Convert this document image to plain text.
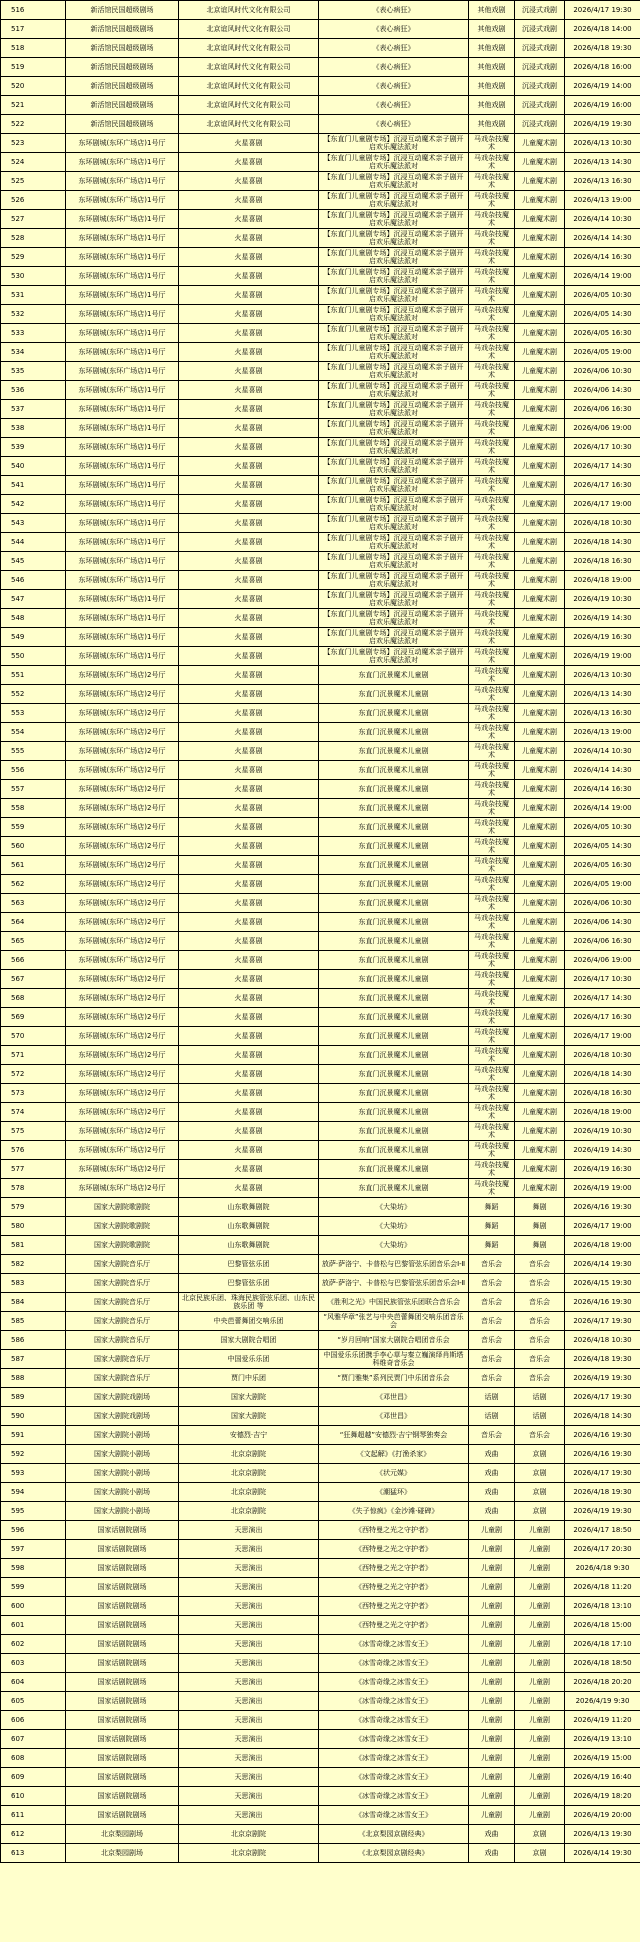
516	新活馆民国超级剧场	北京谊风时代文化有限公司	《表心病狂》	其他戏剧	沉浸式戏剧	2026/4/17 19:30
517	新活馆民国超级剧场	北京谊风时代文化有限公司	《表心病狂》	其他戏剧	沉浸式戏剧	2026/4/18 14:00
518	新活馆民国超级剧场	北京谊风时代文化有限公司	《表心病狂》	其他戏剧	沉浸式戏剧	2026/4/18 19:30
519	新活馆民国超级剧场	北京谊风时代文化有限公司	《表心病狂》	其他戏剧	沉浸式戏剧	2026/4/18 16:00
520	新活馆民国超级剧场	北京谊风时代文化有限公司	《表心病狂》	其他戏剧	沉浸式戏剧	2026/4/19 14:00
521	新活馆民国超级剧场	北京谊风时代文化有限公司	《表心病狂》	其他戏剧	沉浸式戏剧	2026/4/19 16:00
522	新活馆民国超级剧场	北京谊风时代文化有限公司	《表心病狂》	其他戏剧	沉浸式戏剧	2026/4/19 19:30
523	东环剧城(东环广场店)1号厅	火星喜剧	【东直门儿童剧专场】沉浸互动魔术亲子剧开启欢乐魔法派对	马戏杂技魔术	儿童魔术剧	2026/4/13 10:30
524	东环剧城(东环广场店)1号厅	火星喜剧	【东直门儿童剧专场】沉浸互动魔术亲子剧开启欢乐魔法派对	马戏杂技魔术	儿童魔术剧	2026/4/13 14:30
525	东环剧城(东环广场店)1号厅	火星喜剧	【东直门儿童剧专场】沉浸互动魔术亲子剧开启欢乐魔法派对	马戏杂技魔术	儿童魔术剧	2026/4/13 16:30
526	东环剧城(东环广场店)1号厅	火星喜剧	【东直门儿童剧专场】沉浸互动魔术亲子剧开启欢乐魔法派对	马戏杂技魔术	儿童魔术剧	2026/4/13 19:00
527	东环剧城(东环广场店)1号厅	火星喜剧	【东直门儿童剧专场】沉浸互动魔术亲子剧开启欢乐魔法派对	马戏杂技魔术	儿童魔术剧	2026/4/14 10:30
528	东环剧城(东环广场店)1号厅	火星喜剧	【东直门儿童剧专场】沉浸互动魔术亲子剧开启欢乐魔法派对	马戏杂技魔术	儿童魔术剧	2026/4/14 14:30
529	东环剧城(东环广场店)1号厅	火星喜剧	【东直门儿童剧专场】沉浸互动魔术亲子剧开启欢乐魔法派对	马戏杂技魔术	儿童魔术剧	2026/4/14 16:30
530	东环剧城(东环广场店)1号厅	火星喜剧	【东直门儿童剧专场】沉浸互动魔术亲子剧开启欢乐魔法派对	马戏杂技魔术	儿童魔术剧	2026/4/14 19:00
531	东环剧城(东环广场店)1号厅	火星喜剧	【东直门儿童剧专场】沉浸互动魔术亲子剧开启欢乐魔法派对	马戏杂技魔术	儿童魔术剧	2026/4/05 10:30
532	东环剧城(东环广场店)1号厅	火星喜剧	【东直门儿童剧专场】沉浸互动魔术亲子剧开启欢乐魔法派对	马戏杂技魔术	儿童魔术剧	2026/4/05 14:30
533	东环剧城(东环广场店)1号厅	火星喜剧	【东直门儿童剧专场】沉浸互动魔术亲子剧开启欢乐魔法派对	马戏杂技魔术	儿童魔术剧	2026/4/05 16:30
534	东环剧城(东环广场店)1号厅	火星喜剧	【东直门儿童剧专场】沉浸互动魔术亲子剧开启欢乐魔法派对	马戏杂技魔术	儿童魔术剧	2026/4/05 19:00
535	东环剧城(东环广场店)1号厅	火星喜剧	【东直门儿童剧专场】沉浸互动魔术亲子剧开启欢乐魔法派对	马戏杂技魔术	儿童魔术剧	2026/4/06 10:30
536	东环剧城(东环广场店)1号厅	火星喜剧	【东直门儿童剧专场】沉浸互动魔术亲子剧开启欢乐魔法派对	马戏杂技魔术	儿童魔术剧	2026/4/06 14:30
537	东环剧城(东环广场店)1号厅	火星喜剧	【东直门儿童剧专场】沉浸互动魔术亲子剧开启欢乐魔法派对	马戏杂技魔术	儿童魔术剧	2026/4/06 16:30
538	东环剧城(东环广场店)1号厅	火星喜剧	【东直门儿童剧专场】沉浸互动魔术亲子剧开启欢乐魔法派对	马戏杂技魔术	儿童魔术剧	2026/4/06 19:00
539	东环剧城(东环广场店)1号厅	火星喜剧	【东直门儿童剧专场】沉浸互动魔术亲子剧开启欢乐魔法派对	马戏杂技魔术	儿童魔术剧	2026/4/17 10:30
540	东环剧城(东环广场店)1号厅	火星喜剧	【东直门儿童剧专场】沉浸互动魔术亲子剧开启欢乐魔法派对	马戏杂技魔术	儿童魔术剧	2026/4/17 14:30
541	东环剧城(东环广场店)1号厅	火星喜剧	【东直门儿童剧专场】沉浸互动魔术亲子剧开启欢乐魔法派对	马戏杂技魔术	儿童魔术剧	2026/4/17 16:30
542	东环剧城(东环广场店)1号厅	火星喜剧	【东直门儿童剧专场】沉浸互动魔术亲子剧开启欢乐魔法派对	马戏杂技魔术	儿童魔术剧	2026/4/17 19:00
543	东环剧城(东环广场店)1号厅	火星喜剧	【东直门儿童剧专场】沉浸互动魔术亲子剧开启欢乐魔法派对	马戏杂技魔术	儿童魔术剧	2026/4/18 10:30
544	东环剧城(东环广场店)1号厅	火星喜剧	【东直门儿童剧专场】沉浸互动魔术亲子剧开启欢乐魔法派对	马戏杂技魔术	儿童魔术剧	2026/4/18 14:30
545	东环剧城(东环广场店)1号厅	火星喜剧	【东直门儿童剧专场】沉浸互动魔术亲子剧开启欢乐魔法派对	马戏杂技魔术	儿童魔术剧	2026/4/18 16:30
546	东环剧城(东环广场店)1号厅	火星喜剧	【东直门儿童剧专场】沉浸互动魔术亲子剧开启欢乐魔法派对	马戏杂技魔术	儿童魔术剧	2026/4/18 19:00
547	东环剧城(东环广场店)1号厅	火星喜剧	【东直门儿童剧专场】沉浸互动魔术亲子剧开启欢乐魔法派对	马戏杂技魔术	儿童魔术剧	2026/4/19 10:30
548	东环剧城(东环广场店)1号厅	火星喜剧	【东直门儿童剧专场】沉浸互动魔术亲子剧开启欢乐魔法派对	马戏杂技魔术	儿童魔术剧	2026/4/19 14:30
549	东环剧城(东环广场店)1号厅	火星喜剧	【东直门儿童剧专场】沉浸互动魔术亲子剧开启欢乐魔法派对	马戏杂技魔术	儿童魔术剧	2026/4/19 16:30
550	东环剧城(东环广场店)1号厅	火星喜剧	【东直门儿童剧专场】沉浸互动魔术亲子剧开启欢乐魔法派对	马戏杂技魔术	儿童魔术剧	2026/4/19 19:00
551	东环剧城(东环广场店)2号厅	火星喜剧	东直门沉景魔术儿童剧	马戏杂技魔术	儿童魔术剧	2026/4/13 10:30
552	东环剧城(东环广场店)2号厅	火星喜剧	东直门沉景魔术儿童剧	马戏杂技魔术	儿童魔术剧	2026/4/13 14:30
553	东环剧城(东环广场店)2号厅	火星喜剧	东直门沉景魔术儿童剧	马戏杂技魔术	儿童魔术剧	2026/4/13 16:30
554	东环剧城(东环广场店)2号厅	火星喜剧	东直门沉景魔术儿童剧	马戏杂技魔术	儿童魔术剧	2026/4/13 19:00
555	东环剧城(东环广场店)2号厅	火星喜剧	东直门沉景魔术儿童剧	马戏杂技魔术	儿童魔术剧	2026/4/14 10:30
556	东环剧城(东环广场店)2号厅	火星喜剧	东直门沉景魔术儿童剧	马戏杂技魔术	儿童魔术剧	2026/4/14 14:30
557	东环剧城(东环广场店)2号厅	火星喜剧	东直门沉景魔术儿童剧	马戏杂技魔术	儿童魔术剧	2026/4/14 16:30
558	东环剧城(东环广场店)2号厅	火星喜剧	东直门沉景魔术儿童剧	马戏杂技魔术	儿童魔术剧	2026/4/14 19:00
559	东环剧城(东环广场店)2号厅	火星喜剧	东直门沉景魔术儿童剧	马戏杂技魔术	儿童魔术剧	2026/4/05 10:30
560	东环剧城(东环广场店)2号厅	火星喜剧	东直门沉景魔术儿童剧	马戏杂技魔术	儿童魔术剧	2026/4/05 14:30
561	东环剧城(东环广场店)2号厅	火星喜剧	东直门沉景魔术儿童剧	马戏杂技魔术	儿童魔术剧	2026/4/05 16:30
562	东环剧城(东环广场店)2号厅	火星喜剧	东直门沉景魔术儿童剧	马戏杂技魔术	儿童魔术剧	2026/4/05 19:00
563	东环剧城(东环广场店)2号厅	火星喜剧	东直门沉景魔术儿童剧	马戏杂技魔术	儿童魔术剧	2026/4/06 10:30
564	东环剧城(东环广场店)2号厅	火星喜剧	东直门沉景魔术儿童剧	马戏杂技魔术	儿童魔术剧	2026/4/06 14:30
565	东环剧城(东环广场店)2号厅	火星喜剧	东直门沉景魔术儿童剧	马戏杂技魔术	儿童魔术剧	2026/4/06 16:30
566	东环剧城(东环广场店)2号厅	火星喜剧	东直门沉景魔术儿童剧	马戏杂技魔术	儿童魔术剧	2026/4/06 19:00
567	东环剧城(东环广场店)2号厅	火星喜剧	东直门沉景魔术儿童剧	马戏杂技魔术	儿童魔术剧	2026/4/17 10:30
568	东环剧城(东环广场店)2号厅	火星喜剧	东直门沉景魔术儿童剧	马戏杂技魔术	儿童魔术剧	2026/4/17 14:30
569	东环剧城(东环广场店)2号厅	火星喜剧	东直门沉景魔术儿童剧	马戏杂技魔术	儿童魔术剧	2026/4/17 16:30
570	东环剧城(东环广场店)2号厅	火星喜剧	东直门沉景魔术儿童剧	马戏杂技魔术	儿童魔术剧	2026/4/17 19:00
571	东环剧城(东环广场店)2号厅	火星喜剧	东直门沉景魔术儿童剧	马戏杂技魔术	儿童魔术剧	2026/4/18 10:30
572	东环剧城(东环广场店)2号厅	火星喜剧	东直门沉景魔术儿童剧	马戏杂技魔术	儿童魔术剧	2026/4/18 14:30
573	东环剧城(东环广场店)2号厅	火星喜剧	东直门沉景魔术儿童剧	马戏杂技魔术	儿童魔术剧	2026/4/18 16:30
574	东环剧城(东环广场店)2号厅	火星喜剧	东直门沉景魔术儿童剧	马戏杂技魔术	儿童魔术剧	2026/4/18 19:00
575	东环剧城(东环广场店)2号厅	火星喜剧	东直门沉景魔术儿童剧	马戏杂技魔术	儿童魔术剧	2026/4/19 10:30
576	东环剧城(东环广场店)2号厅	火星喜剧	东直门沉景魔术儿童剧	马戏杂技魔术	儿童魔术剧	2026/4/19 14:30
577	东环剧城(东环广场店)2号厅	火星喜剧	东直门沉景魔术儿童剧	马戏杂技魔术	儿童魔术剧	2026/4/19 16:30
578	东环剧城(东环广场店)2号厅	火星喜剧	东直门沉景魔术儿童剧	马戏杂技魔术	儿童魔术剧	2026/4/19 19:00
579	国家大剧院歌剧院	山东歌舞剧院	《大染坊》	舞蹈	舞剧	2026/4/16 19:30
580	国家大剧院歌剧院	山东歌舞剧院	《大染坊》	舞蹈	舞剧	2026/4/17 19:00
581	国家大剧院歌剧院	山东歌舞剧院	《大染坊》	舞蹈	舞剧	2026/4/18 19:00
582	国家大剧院音乐厅	巴黎管弦乐团	放萨·萨洛宁、卡普松与巴黎管弦乐团音乐会Ⅰ-Ⅱ	音乐会	音乐会	2026/4/14 19:30
583	国家大剧院音乐厅	巴黎管弦乐团	放萨·萨洛宁、卡普松与巴黎管弦乐团音乐会Ⅰ-Ⅱ	音乐会	音乐会	2026/4/15 19:30
584	国家大剧院音乐厅	北京民族乐团、珠海民族管弦乐团、山东民族乐团 等	《胜利之光》中国民族管弦乐团联合音乐会	音乐会	音乐会	2026/4/16 19:30
585	国家大剧院音乐厅	中央芭蕾舞团交响乐团	“风雅华章”张艺与中央芭蕾舞团交响乐团音乐会	音乐会	音乐会	2026/4/17 19:30
586	国家大剧院音乐厅	国家大剧院合唱团	“岁月回响”国家大剧院合唱团音乐会	音乐会	音乐会	2026/4/18 10:30
587	国家大剧院音乐厅	中国爱乐乐团	中国爱乐乐团携手李心草与秦立巍演绎肖斯塔科维奇音乐会	音乐会	音乐会	2026/4/18 19:30
588	国家大剧院音乐厅	贾门中乐团	“贾门雅集”系列民贾门中乐团音乐会	音乐会	音乐会	2026/4/19 19:30
589	国家大剧院戏剧场	国家大剧院	《邓世昌》	话剧	话剧	2026/4/17 19:30
590	国家大剧院戏剧场	国家大剧院	《邓世昌》	话剧	话剧	2026/4/18 14:30
591	国家大剧院小剧场	安德烈·吉宁	“狂舞超越”安德烈·吉宁钢琴独奏会	音乐会	音乐会	2026/4/16 19:30
592	国家大剧院小剧场	北京京剧院	《文起解》《打渔杀家》	戏曲	京剧	2026/4/16 19:30
593	国家大剧院小剧场	北京京剧院	《状元媒》	戏曲	京剧	2026/4/17 19:30
594	国家大剧院小剧场	北京京剧院	《潮猛环》	戏曲	京剧	2026/4/18 19:30
595	国家大剧院小剧场	北京京剧院	《失子惊疯》《金沙滩·碰碑》	戏曲	京剧	2026/4/19 19:30
596	国家话剧院剧场	天思演出	《西特曼之光之守护者》	儿童剧	儿童剧	2026/4/17 18:50
597	国家话剧院剧场	天思演出	《西特曼之光之守护者》	儿童剧	儿童剧	2026/4/17 20:30
598	国家话剧院剧场	天思演出	《西特曼之光之守护者》	儿童剧	儿童剧	2026/4/18 9:30
599	国家话剧院剧场	天思演出	《西特曼之光之守护者》	儿童剧	儿童剧	2026/4/18 11:20
600	国家话剧院剧场	天思演出	《西特曼之光之守护者》	儿童剧	儿童剧	2026/4/18 13:10
601	国家话剧院剧场	天思演出	《西特曼之光之守护者》	儿童剧	儿童剧	2026/4/18 15:00
602	国家话剧院剧场	天思演出	《冰雪奇缘之冰雪女王》	儿童剧	儿童剧	2026/4/18 17:10
603	国家话剧院剧场	天思演出	《冰雪奇缘之冰雪女王》	儿童剧	儿童剧	2026/4/18 18:50
604	国家话剧院剧场	天思演出	《冰雪奇缘之冰雪女王》	儿童剧	儿童剧	2026/4/18 20:20
605	国家话剧院剧场	天思演出	《冰雪奇缘之冰雪女王》	儿童剧	儿童剧	2026/4/19 9:30
606	国家话剧院剧场	天思演出	《冰雪奇缘之冰雪女王》	儿童剧	儿童剧	2026/4/19 11:20
607	国家话剧院剧场	天思演出	《冰雪奇缘之冰雪女王》	儿童剧	儿童剧	2026/4/19 13:10
608	国家话剧院剧场	天思演出	《冰雪奇缘之冰雪女王》	儿童剧	儿童剧	2026/4/19 15:00
609	国家话剧院剧场	天思演出	《冰雪奇缘之冰雪女王》	儿童剧	儿童剧	2026/4/19 16:40
610	国家话剧院剧场	天思演出	《冰雪奇缘之冰雪女王》	儿童剧	儿童剧	2026/4/19 18:20
611	国家话剧院剧场	天思演出	《冰雪奇缘之冰雪女王》	儿童剧	儿童剧	2026/4/19 20:00
612	北京梨园剧场	北京京剧院	《北京梨园京剧经典》	戏曲	京剧	2026/4/13 19:30
613	北京梨园剧场	北京京剧院	《北京梨园京剧经典》	戏曲	京剧	2026/4/14 19:30
